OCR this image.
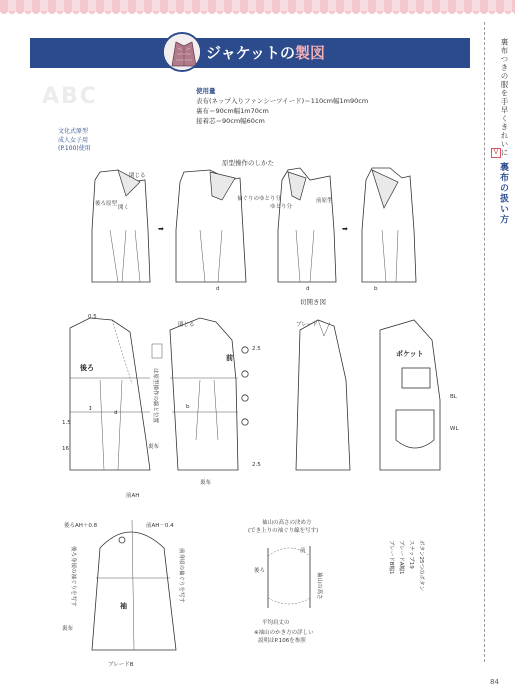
ジャケットの製図
ABC	使用量
表布(ネップ入りファンシーツイード)＝110cm幅1m90cm
裏布＝90cm幅1m70cm
接着芯＝90cm幅60cm
文化式原型
成人女子用
(P.100)使用
原型操作のしかた
切開き図
閉じる
開く
後ろ原型
➡
袖ぐりのゆとり分
d
ゆとり分
前原型
d
➡
b
後ろ
↕
d
0.5
1.5
16	裏布
は原型操作の線と位置
前
b
閉じる
裏布
2.5
2.5
ブレード
ポケット
BL
WL
袖
後ろAH＋0.8	前AH－0.4
前AH
ブレードB
後ろ身頃の袖ぐりを写す	前身頃の袖ぐりを写す
裏布
袖山の高さの決め方
(でき上りの袖ぐり線を写す)
後ろ
前
袖山の高さ
平均肩丈の
※袖山のかき方の詳しい
説明はP.106を参照
ボタン25つのボタン
スナップ19
ブレードA幅1
ブレードB幅1
裏布つきの服を手早くきれいに
V
裏布の扱い方
84
